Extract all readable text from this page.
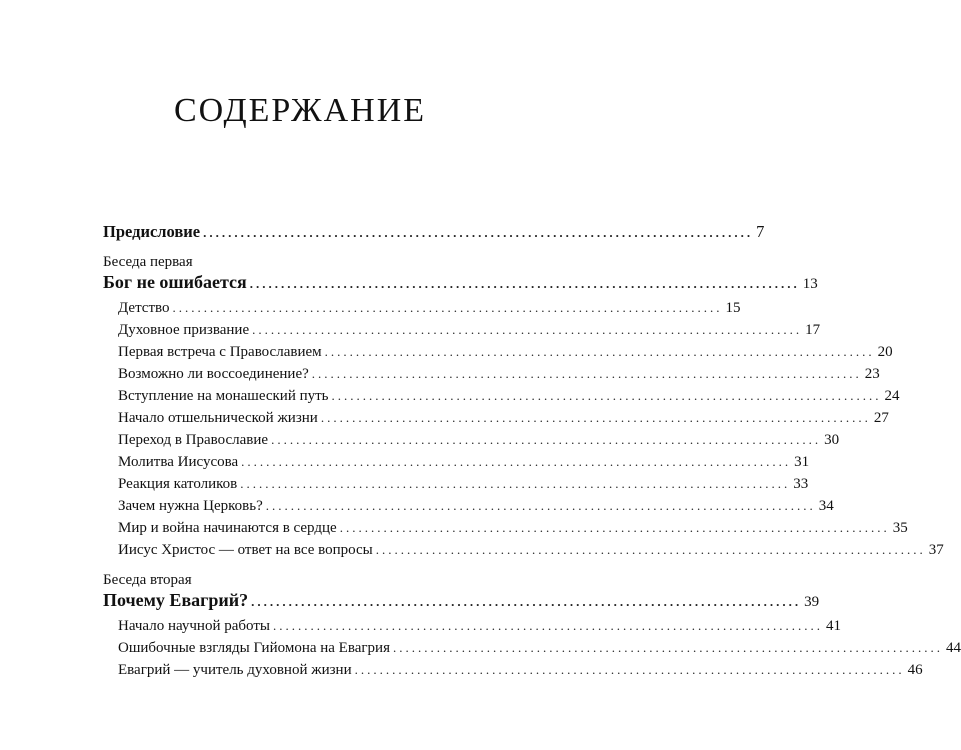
СОДЕРЖАНИЕ
Предисловие ........................................................................................ 7
Беседа первая
Бог не ошибается ........................................................................................ 13
Детство ........................................................................................ 15
Духовное призвание ........................................................................................ 17
Первая встреча с Православием ........................................................................................ 20
Возможно ли воссоединение? ........................................................................................ 23
Вступление на монашеский путь ........................................................................................ 24
Начало отшельнической жизни ........................................................................................ 27
Переход в Православие ........................................................................................ 30
Молитва Иисусова ........................................................................................ 31
Реакция католиков ........................................................................................ 33
Зачем нужна Церковь? ........................................................................................ 34
Мир и война начинаются в сердце ........................................................................................ 35
Иисус Христос — ответ на все вопросы ........................................................................................ 37
Беседа вторая
Почему Евагрий? ........................................................................................ 39
Начало научной работы ........................................................................................ 41
Ошибочные взгляды Гийомона на Евагрия ........................................................................................ 44
Евагрий — учитель духовной жизни ........................................................................................ 46
